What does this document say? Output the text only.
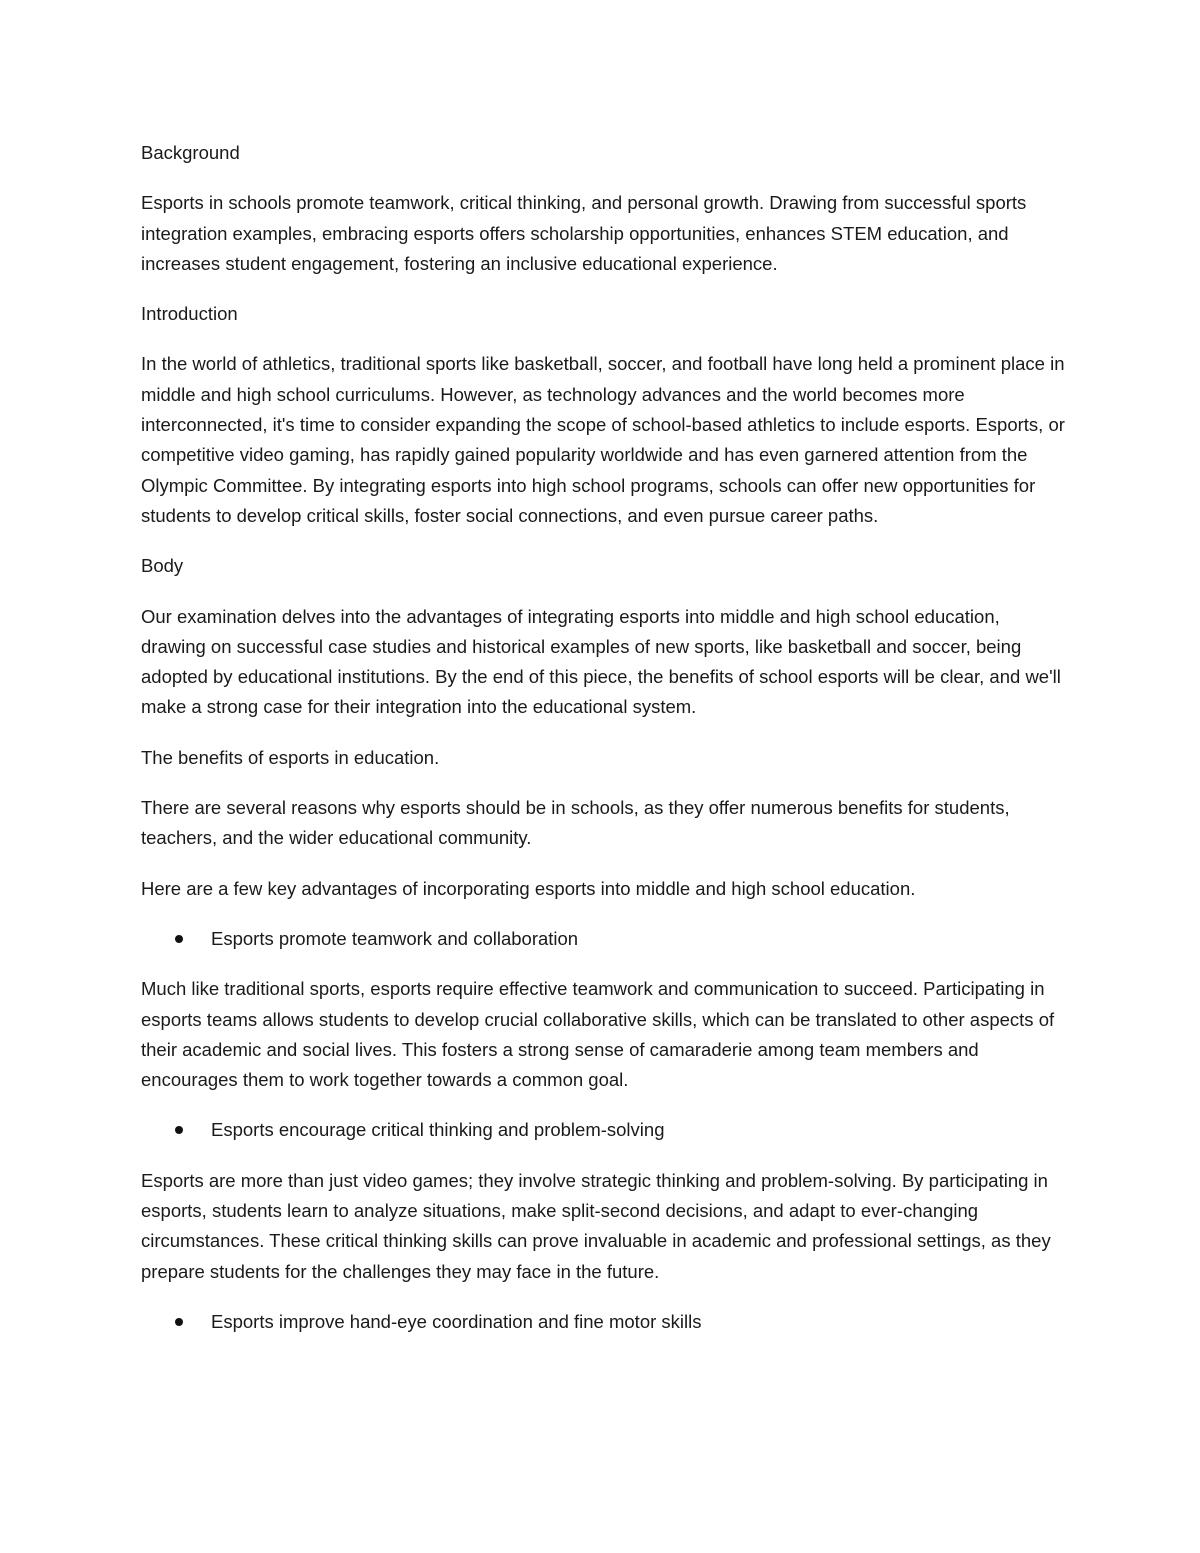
Background

Esports in schools promote teamwork, critical thinking, and personal growth. Drawing from successful sports integration examples, embracing esports offers scholarship opportunities, enhances STEM education, and increases student engagement, fostering an inclusive educational experience.

Introduction

In the world of athletics, traditional sports like basketball, soccer, and football have long held a prominent place in middle and high school curriculums. However, as technology advances and the world becomes more interconnected, it's time to consider expanding the scope of school-based athletics to include esports. Esports, or competitive video gaming, has rapidly gained popularity worldwide and has even garnered attention from the Olympic Committee. By integrating esports into high school programs, schools can offer new opportunities for students to develop critical skills, foster social connections, and even pursue career paths.

Body

Our examination delves into the advantages of integrating esports into middle and high school education, drawing on successful case studies and historical examples of new sports, like basketball and soccer, being adopted by educational institutions. By the end of this piece, the benefits of school esports will be clear, and we'll make a strong case for their integration into the educational system.

The benefits of esports in education.

There are several reasons why esports should be in schools, as they offer numerous benefits for students, teachers, and the wider educational community.

Here are a few key advantages of incorporating esports into middle and high school education.

Esports promote teamwork and collaboration

Much like traditional sports, esports require effective teamwork and communication to succeed. Participating in esports teams allows students to develop crucial collaborative skills, which can be translated to other aspects of their academic and social lives. This fosters a strong sense of camaraderie among team members and encourages them to work together towards a common goal.

Esports encourage critical thinking and problem-solving

Esports are more than just video games; they involve strategic thinking and problem-solving. By participating in esports, students learn to analyze situations, make split-second decisions, and adapt to ever-changing circumstances. These critical thinking skills can prove invaluable in academic and professional settings, as they prepare students for the challenges they may face in the future.

Esports improve hand-eye coordination and fine motor skills
